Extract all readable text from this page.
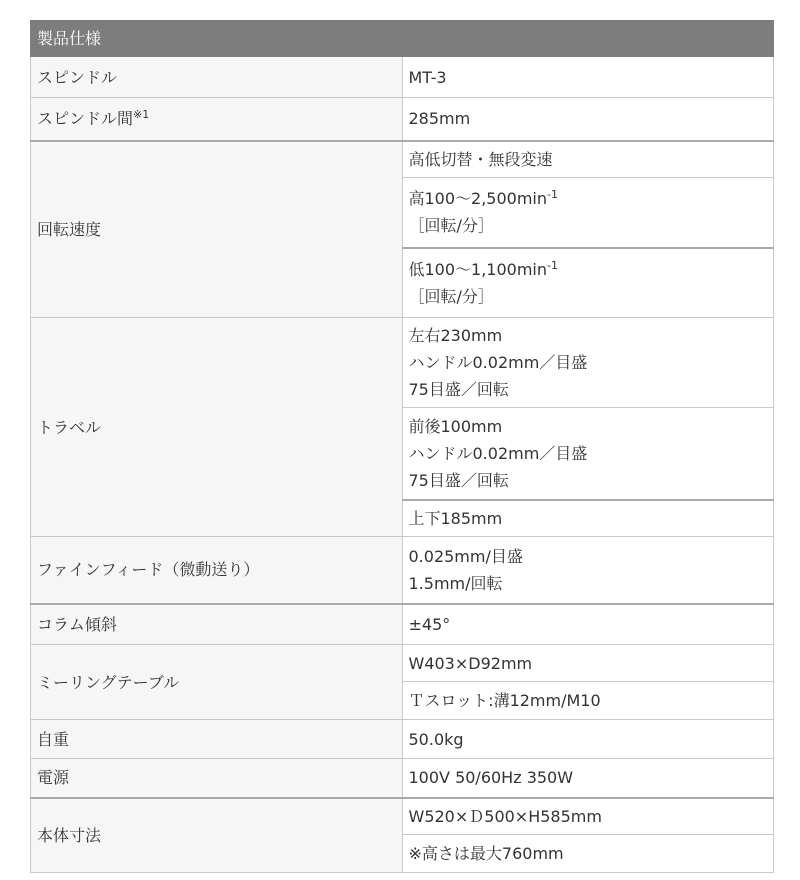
製品仕様	
スピンドル	MT-3
スピンドル間$^{※1}$	285mm
回転速度	高低切替・無段変速

	高$100\sim 2,500\min^{-1}$
［回転/分］

	低$100\sim 1,100\min^{-1}$
［回転/分］

トラベル	左右230mm
ハンドル0.02mm／目盛
75目盛／回転

	前後100mm
ハンドル0.02mm／目盛
75目盛／回転

	上下185mm
ファインフィード（微動送り）	0.025mm/目盛
1.5mm/回転

コラム傾斜	±45°
ミーリングテーブル	W403×D92mm
	Ｔスロット:溝12mm/M10
自重	50.0kg
電源	100V 50/60Hz 350W
本体寸法	W520×Ｄ500×H585mm
	※高さは最大760mm
